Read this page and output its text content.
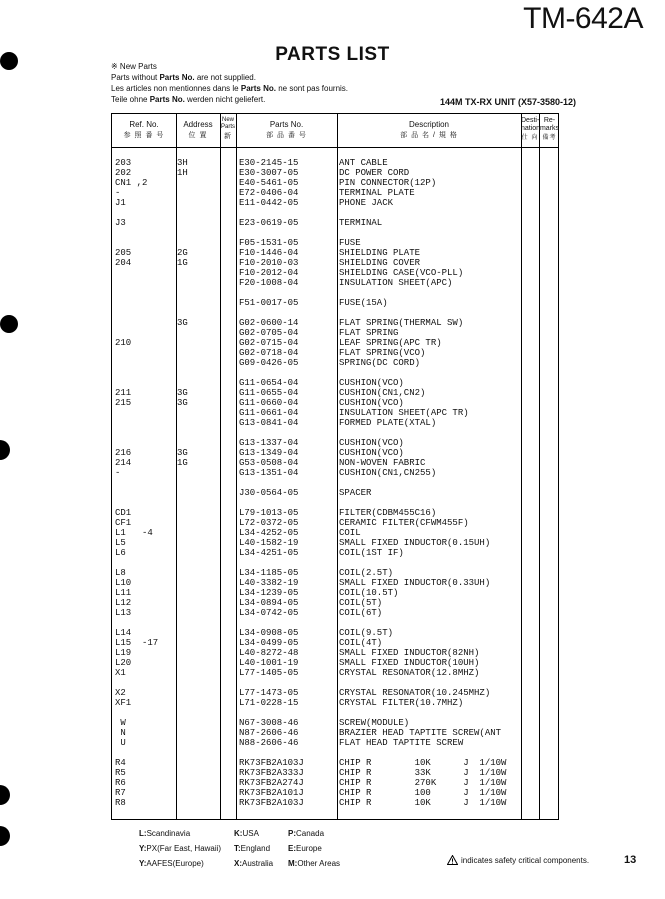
TM-642A
PARTS LIST
※ New Parts
Parts without Parts No. are not supplied.
Les articles non mentionnes dans le Parts No. ne sont pas fournis.
Teile ohne Parts No. werden nicht geliefert.	144M TX-RX UNIT (X57-3580-12)
Ref. No.
参 照 番 号
Address
位 置
New Parts
新
Parts No.
部 品 番 号
Description
部 品 名 / 規 格
Desti- nation
仕 向
Re- marks
備考
203	3H	E30-2145-15	ANT CABLE
202	1H	E30-3007-05	DC POWER CORD
CN1 ,2	E40-5461-05	PIN CONNECTOR(12P)
-	E72-0406-04	TERMINAL PLATE
J1	E11-0442-05	PHONE JACK
J3	E23-0619-05	TERMINAL
F05-1531-05	FUSE
205	2G	F10-1446-04	SHIELDING PLATE
204	1G	F10-2010-03	SHIELDING COVER
F10-2012-04	SHIELDING CASE(VCO-PLL)
F20-1008-04	INSULATION SHEET(APC)
F51-0017-05	FUSE(15A)
3G	G02-0600-14	FLAT SPRING(THERMAL SW)
G02-0705-04	FLAT SPRING
210	G02-0715-04	LEAF SPRING(APC TR)
G02-0718-04	FLAT SPRING(VCO)
G09-0426-05	SPRING(DC CORD)
G11-0654-04	CUSHION(VCO)
211	3G	G11-0655-04	CUSHION(CN1,CN2)
215	3G	G11-0660-04	CUSHION(VCO)
G11-0661-04	INSULATION SHEET(APC TR)
G13-0841-04	FORMED PLATE(XTAL)
G13-1337-04	CUSHION(VCO)
216	3G	G13-1349-04	CUSHION(VCO)
214	1G	G53-0508-04	NON-WOVEN FABRIC
-	G13-1351-04	CUSHION(CN1,CN255)
J30-0564-05	SPACER
CD1	L79-1013-05	FILTER(CDBM455C16)
CF1	L72-0372-05	CERAMIC FILTER(CFWM455F)
L1   -4	L34-4252-05	COIL
L5	L40-1582-19	SMALL FIXED INDUCTOR(0.15UH)
L6	L34-4251-05	COIL(1ST IF)
L8	L34-1185-05	COIL(2.5T)
L10	L40-3382-19	SMALL FIXED INDUCTOR(0.33UH)
L11	L34-1239-05	COIL(10.5T)
L12	L34-0894-05	COIL(5T)
L13	L34-0742-05	COIL(6T)
L14	L34-0908-05	COIL(9.5T)
L15  -17	L34-0499-05	COIL(4T)
L19	L40-8272-48	SMALL FIXED INDUCTOR(82NH)
L20	L40-1001-19	SMALL FIXED INDUCTOR(10UH)
X1	L77-1405-05	CRYSTAL RESONATOR(12.8MHZ)
X2	L77-1473-05	CRYSTAL RESONATOR(10.245MHZ)
XF1	L71-0228-15	CRYSTAL FILTER(10.7MHZ)
W	N67-3008-46	SCREW(MODULE)
N	N87-2606-46	BRAZIER HEAD TAPTITE SCREW(ANT
U	N88-2606-46	FLAT HEAD TAPTITE SCREW
R4	RK73FB2A103J	CHIP R        10K      J  1/10W
R5	RK73FB2A333J	CHIP R        33K      J  1/10W
R6	RK73FB2A274J	CHIP R        270K     J  1/10W
R7	RK73FB2A101J	CHIP R        100      J  1/10W
R8	RK73FB2A103J	CHIP R        10K      J  1/10W
L:Scandinavia	K:USA	P:Canada
Y:PX(Far East, Hawaii)	T:England	E:Europe
Y:AAFES(Europe)	X:Australia	M:Other Areas	indicates safety critical components.	13
